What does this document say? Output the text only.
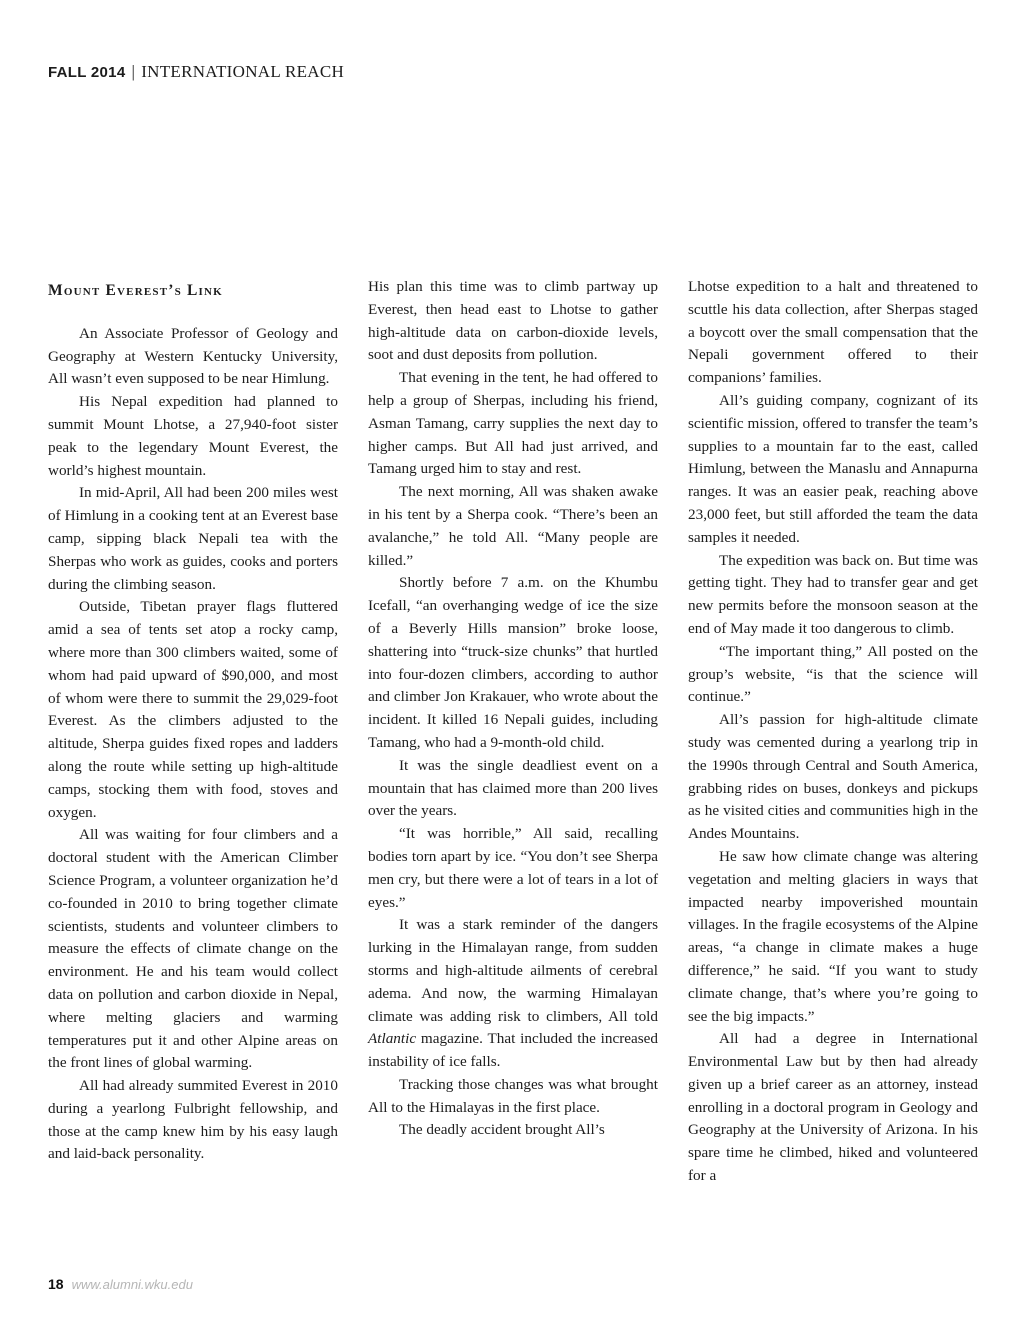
FALL 2014 | INTERNATIONAL REACH
Mount Everest’s Link

An Associate Professor of Geology and Geography at Western Kentucky University, All wasn’t even supposed to be near Himlung.

His Nepal expedition had planned to summit Mount Lhotse, a 27,940-foot sister peak to the legendary Mount Everest, the world’s highest mountain.

In mid-April, All had been 200 miles west of Himlung in a cooking tent at an Everest base camp, sipping black Nepali tea with the Sherpas who work as guides, cooks and porters during the climbing season.

Outside, Tibetan prayer flags fluttered amid a sea of tents set atop a rocky camp, where more than 300 climbers waited, some of whom had paid upward of $90,000, and most of whom were there to summit the 29,029-foot Everest. As the climbers adjusted to the altitude, Sherpa guides fixed ropes and ladders along the route while setting up high-altitude camps, stocking them with food, stoves and oxygen.

All was waiting for four climbers and a doctoral student with the American Climber Science Program, a volunteer organization he’d co-founded in 2010 to bring together climate scientists, students and volunteer climbers to measure the effects of climate change on the environment. He and his team would collect data on pollution and carbon dioxide in Nepal, where melting glaciers and warming temperatures put it and other Alpine areas on the front lines of global warming.

All had already summited Everest in 2010 during a yearlong Fulbright fellowship, and those at the camp knew him by his easy laugh and laid-back personality.

His plan this time was to climb partway up Everest, then head east to Lhotse to gather high-altitude data on carbon-dioxide levels, soot and dust deposits from pollution.

That evening in the tent, he had offered to help a group of Sherpas, including his friend, Asman Tamang, carry supplies the next day to higher camps. But All had just arrived, and Tamang urged him to stay and rest.

The next morning, All was shaken awake in his tent by a Sherpa cook. “There’s been an avalanche,” he told All. “Many people are killed.”

Shortly before 7 a.m. on the Khumbu Icefall, “an overhanging wedge of ice the size of a Beverly Hills mansion” broke loose, shattering into “truck-size chunks” that hurtled into four-dozen climbers, according to author and climber Jon Krakauer, who wrote about the incident. It killed 16 Nepali guides, including Tamang, who had a 9-month-old child.

It was the single deadliest event on a mountain that has claimed more than 200 lives over the years.

“It was horrible,” All said, recalling bodies torn apart by ice. “You don’t see Sherpa men cry, but there were a lot of tears in a lot of eyes.”

It was a stark reminder of the dangers lurking in the Himalayan range, from sudden storms and high-altitude ailments of cerebral adema. And now, the warming Himalayan climate was adding risk to climbers, All told Atlantic magazine. That included the increased instability of ice falls.

Tracking those changes was what brought All to the Himalayas in the first place.

The deadly accident brought All’s

Lhotse expedition to a halt and threatened to scuttle his data collection, after Sherpas staged a boycott over the small compensation that the Nepali government offered to their companions’ families.

All’s guiding company, cognizant of its scientific mission, offered to transfer the team’s supplies to a mountain far to the east, called Himlung, between the Manaslu and Annapurna ranges. It was an easier peak, reaching above 23,000 feet, but still afforded the team the data samples it needed.

The expedition was back on. But time was getting tight. They had to transfer gear and get new permits before the monsoon season at the end of May made it too dangerous to climb.

“The important thing,” All posted on the group’s website, “is that the science will continue.”

All’s passion for high-altitude climate study was cemented during a yearlong trip in the 1990s through Central and South America, grabbing rides on buses, donkeys and pickups as he visited cities and communities high in the Andes Mountains.

He saw how climate change was altering vegetation and melting glaciers in ways that impacted nearby impoverished mountain villages. In the fragile ecosystems of the Alpine areas, “a change in climate makes a huge difference,” he said. “If you want to study climate change, that’s where you’re going to see the big impacts.”

All had a degree in International Environmental Law but by then had already given up a brief career as an attorney, instead enrolling in a doctoral program in Geology and Geography at the University of Arizona. In his spare time he climbed, hiked and volunteered for a

18 www.alumni.wku.edu
